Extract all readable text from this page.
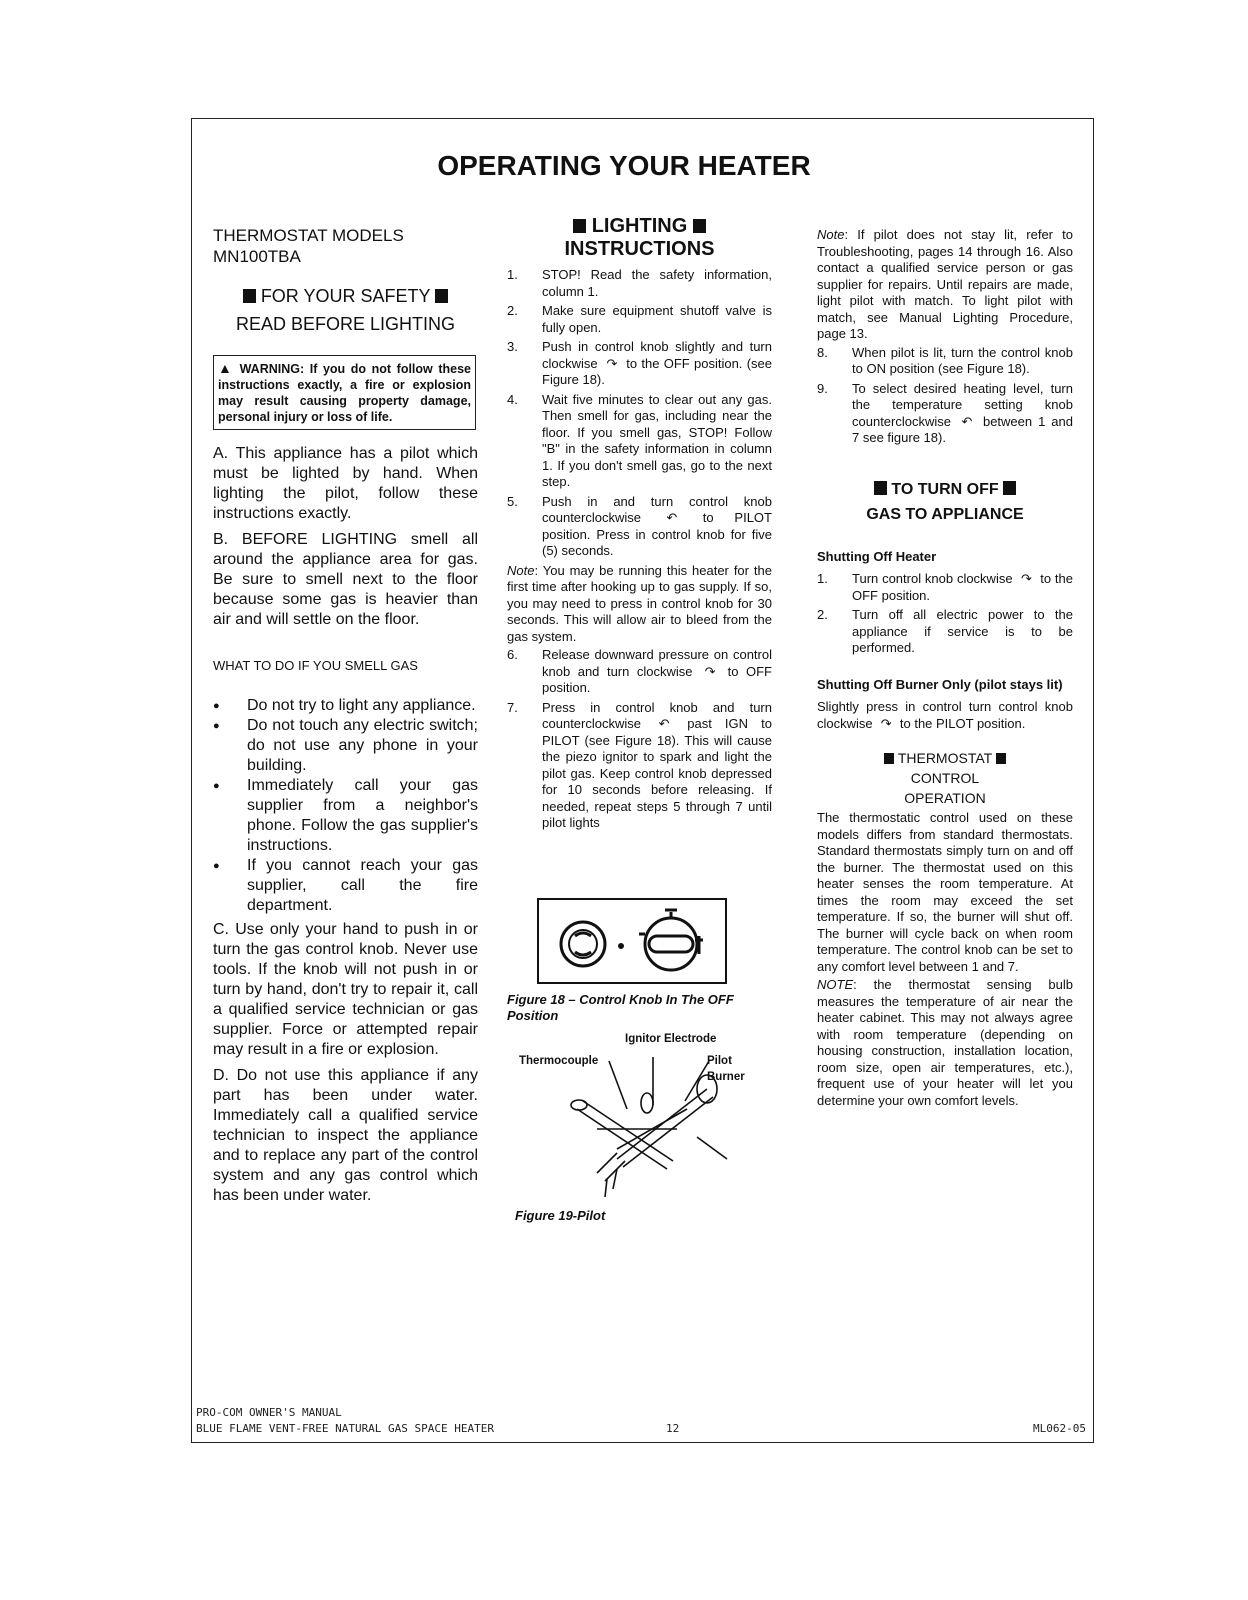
OPERATING YOUR HEATER
THERMOSTAT MODELS
MN100TBA
FOR YOUR SAFETY
READ BEFORE LIGHTING
▲ WARNING: If you do not follow these instructions exactly, a fire or explosion may result causing property damage, personal injury or loss of life.

A. This appliance has a pilot which must be lighted by hand. When lighting the pilot, follow these instructions exactly.

B. BEFORE LIGHTING smell all around the appliance area for gas. Be sure to smell next to the floor because some gas is heavier than air and will settle on the floor.

WHAT TO DO IF YOU SMELL GAS
● Do not try to light any appliance.
● Do not touch any electric switch; do not use any phone in your building.
● Immediately call your gas supplier from a neighbor's phone. Follow the gas supplier's instructions.
● If you cannot reach your gas supplier, call the fire department.

C. Use only your hand to push in or turn the gas control knob. Never use tools. If the knob will not push in or turn by hand, don't try to repair it, call a qualified service technician or gas supplier. Force or attempted repair may result in a fire or explosion.

D. Do not use this appliance if any part has been under water. Immediately call a qualified service technician to inspect the appliance and to replace any part of the control system and any gas control which has been under water.

LIGHTING
INSTRUCTIONS
1. STOP! Read the safety information, column 1.
2. Make sure equipment shutoff valve is fully open.
3. Push in control knob slightly and turn clockwise ↷ to the OFF position. (see Figure 18).
4. Wait five minutes to clear out any gas. Then smell for gas, including near the floor. If you smell gas, STOP! Follow "B" in the safety information in column 1. If you don't smell gas, go to the next step.
5. Push in and turn control knob counterclockwise ↶ to PILOT position. Press in control knob for five (5) seconds.

Note: You may be running this heater for the first time after hooking up to gas supply. If so, you may need to press in control knob for 30 seconds. This will allow air to bleed from the gas system.

6. Release downward pressure on control knob and turn clockwise ↷ to OFF position.
7. Press in control knob and turn counterclockwise ↶ past IGN to PILOT (see Figure 18). This will cause the piezo ignitor to spark and light the pilot gas. Keep control knob depressed for 10 seconds before releasing. If needed, repeat steps 5 through 7 until pilot lights
Figure 18 – Control Knob In The OFF Position
Ignitor Electrode
Thermocouple	Pilot Burner
Figure 19-Pilot

Note: If pilot does not stay lit, refer to Troubleshooting, pages 14 through 16. Also contact a qualified service person or gas supplier for repairs. Until repairs are made, light pilot with match. To light pilot with match, see Manual Lighting Procedure, page 13.

8. When pilot is lit, turn the control knob to ON position (see Figure 18).
9. To select desired heating level, turn the temperature setting knob counterclockwise ↶ between 1 and 7 see figure 18).
TO TURN OFF
GAS TO APPLIANCE
Shutting Off Heater
1. Turn control knob clockwise ↷ to the OFF position.
2. Turn off all electric power to the appliance if service is to be performed.
Shutting Off Burner Only (pilot stays lit)

Slightly press in control turn control knob clockwise ↷ to the PILOT position.

THERMOSTAT
CONTROL
OPERATION

The thermostatic control used on these models differs from standard thermostats. Standard thermostats simply turn on and off the burner. The thermostat used on this heater senses the room temperature. At times the room may exceed the set temperature. If so, the burner will shut off. The burner will cycle back on when room temperature. The control knob can be set to any comfort level between 1 and 7.

NOTE: the thermostat sensing bulb measures the temperature of air near the heater cabinet. This may not always agree with room temperature (depending on housing construction, installation location, room size, open air temperatures, etc.), frequent use of your heater will let you determine your own comfort levels.

PRO-COM OWNER'S MANUAL
BLUE FLAME VENT-FREE NATURAL GAS SPACE HEATER	12	ML062-05
